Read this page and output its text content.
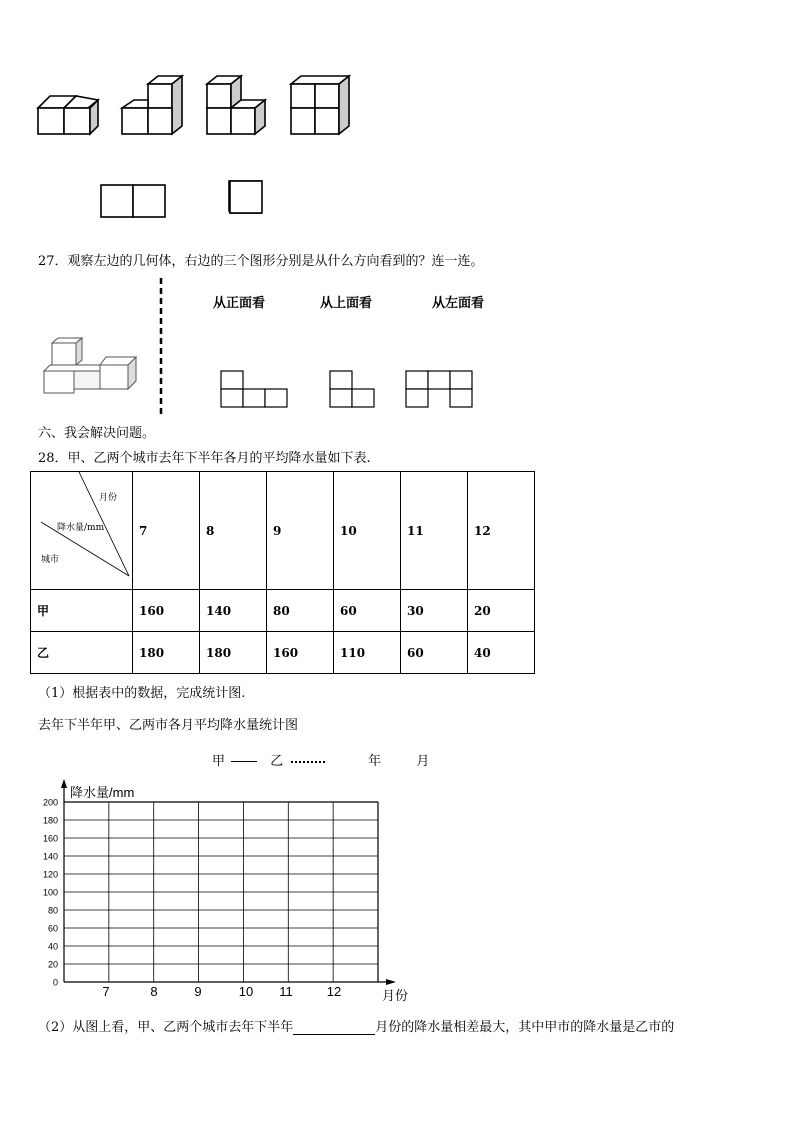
27．观察左边的几何体，右边的三个图形分别是从什么方向看到的？连一连。
从正面看	从上面看	从左面看
六、我会解决问题。
28．甲、乙两个城市去年下半年各月的平均降水量如下表.
月份
降水量/mm
城市	7	8	9	10	11	12
甲	160	140	80	60	30	20
乙	180	180	160	110	60	40
（1）根据表中的数据，完成统计图.
去年下半年甲、乙两市各月平均降水量统计图
甲	乙	年	月
0
20
40
60
80
100
120
140
160
180
200
7	8	9	10 11	12
降水量/mm
月份
（2）从图上看，甲、乙两个城市去年下半年	月份的降水量相差最大，其中甲市的降水量是乙市的
